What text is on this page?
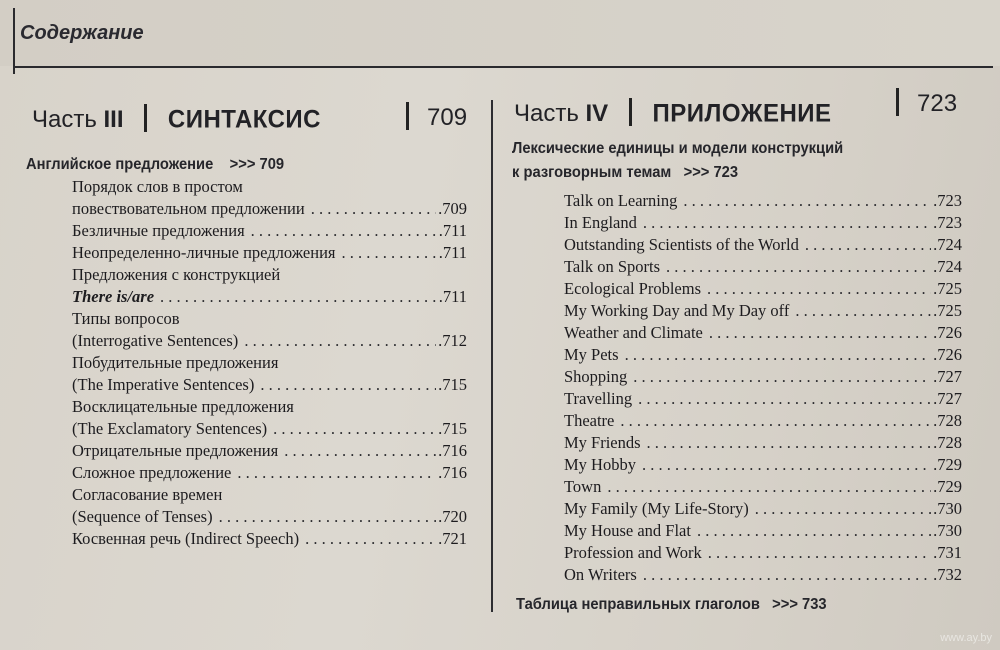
Содержание
Часть III СИНТАКСИС	709
Английское предложение >>> 709
Порядок слов в простом
повествовательном предложении . . .	.709
Безличные предложения . . .	.711
Неопределенно-личные предложения . . .	.711
Предложения с конструкцией
There is/are . . .	.711
Типы вопросов
(Interrogative Sentences) . . .	.712
Побудительные предложения
(The Imperative Sentences) . . .	.715
Восклицательные предложения
(The Exclamatory Sentences) . . .	.715
Отрицательные предложения . . .	.716
Сложное предложение . . .	.716
Согласование времен
(Sequence of Tenses) . . .	.720
Косвенная речь (Indirect Speech) . . .	.721
Часть IV ПРИЛОЖЕНИЕ	723
Лексические единицы и модели конструкций
к разговорным темам >>> 723
Talk on Learning . . .	.723
In England . . .	.723
Outstanding Scientists of the World . . .	.724
Talk on Sports . . .	.724
Ecological Problems . . .	.725
My Working Day and My Day off . . .	.725
Weather and Climate . . .	.726
My Pets . . .	.726
Shopping . . .	.727
Travelling . . .	.727
Theatre . . .	.728
My Friends . . .	.728
My Hobby . . .	.729
Town . . .	.729
My Family (My Life-Story) . . .	.730
My House and Flat . . .	.730
Profession and Work . . .	.731
On Writers . . .	.732
Таблица неправильных глаголов >>> 733
www.ay.by
